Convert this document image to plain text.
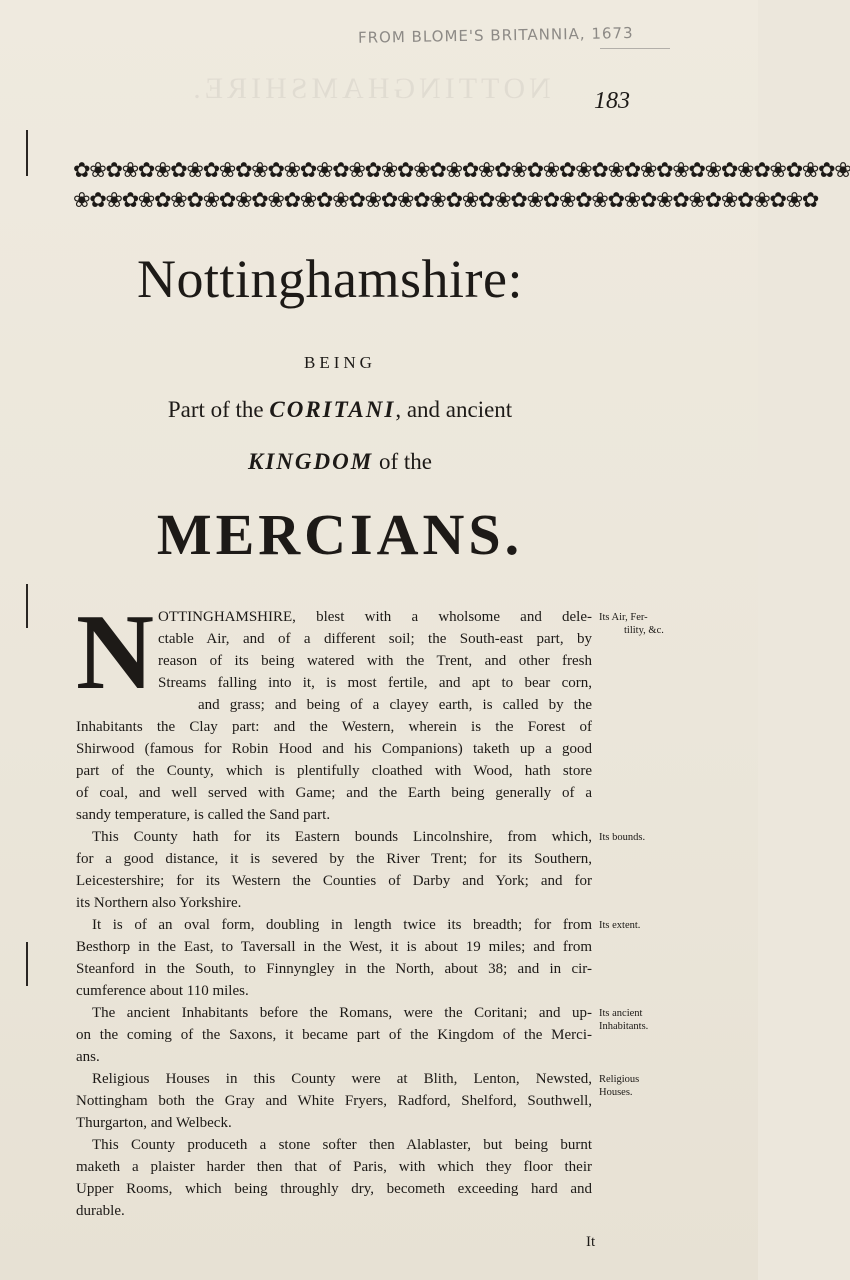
NOTTINGHAMSHIRE.
FROM BLOME'S BRITANNIA, 1673
183
✿❀✿❀✿❀✿❀✿❀✿❀✿❀✿❀✿❀✿❀✿❀✿❀✿❀✿❀✿❀✿❀✿❀✿❀✿❀✿❀✿❀✿❀✿❀✿❀
❀✿❀✿❀✿❀✿❀✿❀✿❀✿❀✿❀✿❀✿❀✿❀✿❀✿❀✿❀✿❀✿❀✿❀✿❀✿❀✿❀✿❀✿❀✿
Nottinghamshire:
BEING
Part of the CORITANI, and ancient
KINGDOM of the
MERCIANS.
N OTTINGHAMSHIRE, blest with a wholsome and dele-
ctable Air, and of a different soil; the South-east part, by
reason of its being watered with the Trent, and other fresh
Streams falling into it, is most fertile, and apt to bear corn,
and grass; and being of a clayey earth, is called by the
Inhabitants the Clay part: and the Western, wherein is the Forest of
Shirwood (famous for Robin Hood and his Companions) taketh up a good
part of the County, which is plentifully cloathed with Wood, hath store
of coal, and well served with Game; and the Earth being generally of a
sandy temperature, is called the Sand part.
This County hath for its Eastern bounds Lincolnshire, from which,
for a good distance, it is severed by the River Trent; for its Southern,
Leicestershire; for its Western the Counties of Darby and York; and for
its Northern also Yorkshire.
It is of an oval form, doubling in length twice its breadth; for from
Besthorp in the East, to Taversall in the West, it is about 19 miles; and from
Steanford in the South, to Finnyngley in the North, about 38; and in cir-
cumference about 110 miles.
The ancient Inhabitants before the Romans, were the Coritani; and up-
on the coming of the Saxons, it became part of the Kingdom of the Merci-
ans.
Religious Houses in this County were at Blith, Lenton, Newsted,
Nottingham both the Gray and White Fryers, Radford, Shelford, Southwell,
Thurgarton, and Welbeck.
This County produceth a stone softer then Alablaster, but being burnt
maketh a plaister harder then that of Paris, with which they floor their
Upper Rooms, which being throughly dry, becometh exceeding hard and
durable.
Its Air, Fer-
tility, &c.
Its bounds.
Its extent.
Its ancient
Inhabitants.
Religious
Houses.
It
